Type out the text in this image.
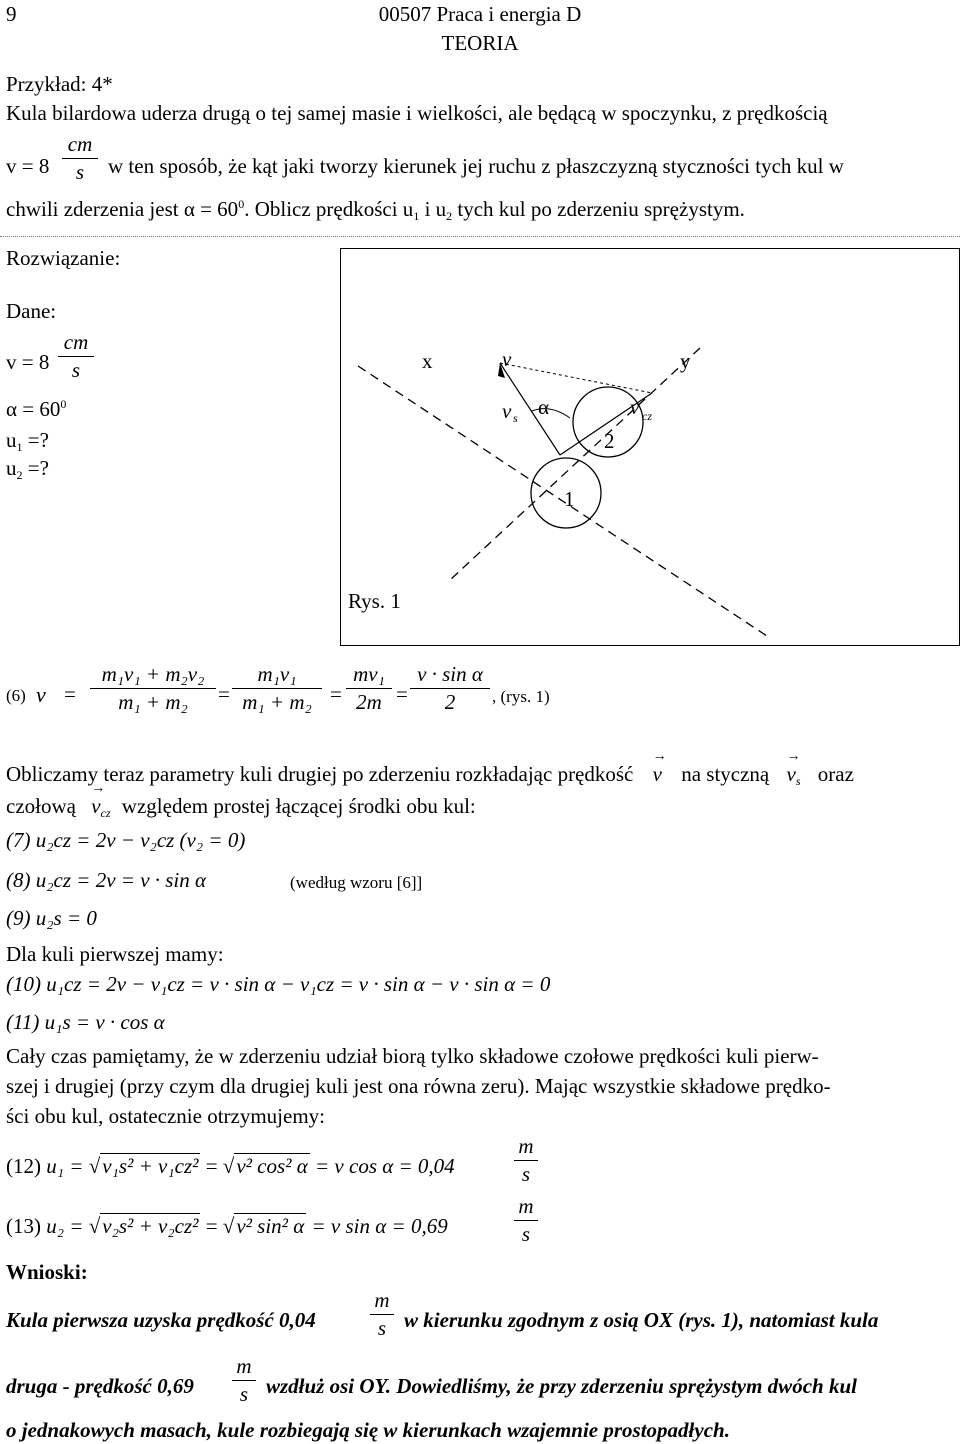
9	00507 Praca i energia D
TEORIA
Przykład: 4*
Kula bilardowa uderza drugą o tej samej masie i wielkości, ale będącą w spoczynku, z prędkością
v = 8
cm
s	w ten sposób, że kąt jaki tworzy kierunek jej ruchu z płaszczyzną styczności tych kul w
chwili zderzenia jest $\alpha = 60^0$. Oblicz prędkości $u_1$ i $u_2$ tych kul po zderzeniu sprężystym.
Rozwiązanie:
Dane:
v = 8
cm
s
$\alpha = 60^0$
$u_1$ =?
$u_2$ =?
x	y
v
v s α	v cz
1
2
Rys. 1
(6) v =
m₁v₁ + m₂v₂
m₁ + m₂	=
m₁v₁
m₁ + m₂ =
mv₁
2m =
v · sin α
2	, (rys. 1)
Obliczamy teraz parametry kuli drugiej po zderzeniu rozkładając prędkość → v na styczną → $v_s$ oraz
czołową → $v_{cz}$ względem prostej łączącej środki obu kul:
(7) u₂cz = 2v − v₂cz (v₂ = 0)
(8) u₂cz = 2v = v · sin α	(według wzoru [6]]
(9) u₂s = 0
Dla kuli pierwszej mamy:
(10) u₁cz = 2v − v₁cz = v · sin α − v₁cz = v · sin α − v · sin α = 0
(11) u₁s = v · cos α
Cały czas pamiętamy, że w zderzeniu udział biorą tylko składowe czołowe prędkości kuli pierw-
szej i drugiej (przy czym dla drugiej kuli jest ona równa zeru). Mając wszystkie składowe prędko-
ści obu kul, ostatecznie otrzymujemy:
(12) u₁ = √v₁s² + v₁cz² = √v² cos² α = v cos α = 0,04
m
s
(13) u₂ = √v₂s² + v₂cz² = √v² sin² α = v sin α = 0,69
m
s
Wnioski:
Kula pierwsza uzyska prędkość 0,04
m
s w kierunku zgodnym z osią OX (rys. 1), natomiast kula
druga - prędkość 0,69
m
s wzdłuż osi OY. Dowiedliśmy, że przy zderzeniu sprężystym dwóch kul
o jednakowych masach, kule rozbiegają się w kierunkach wzajemnie prostopadłych.
